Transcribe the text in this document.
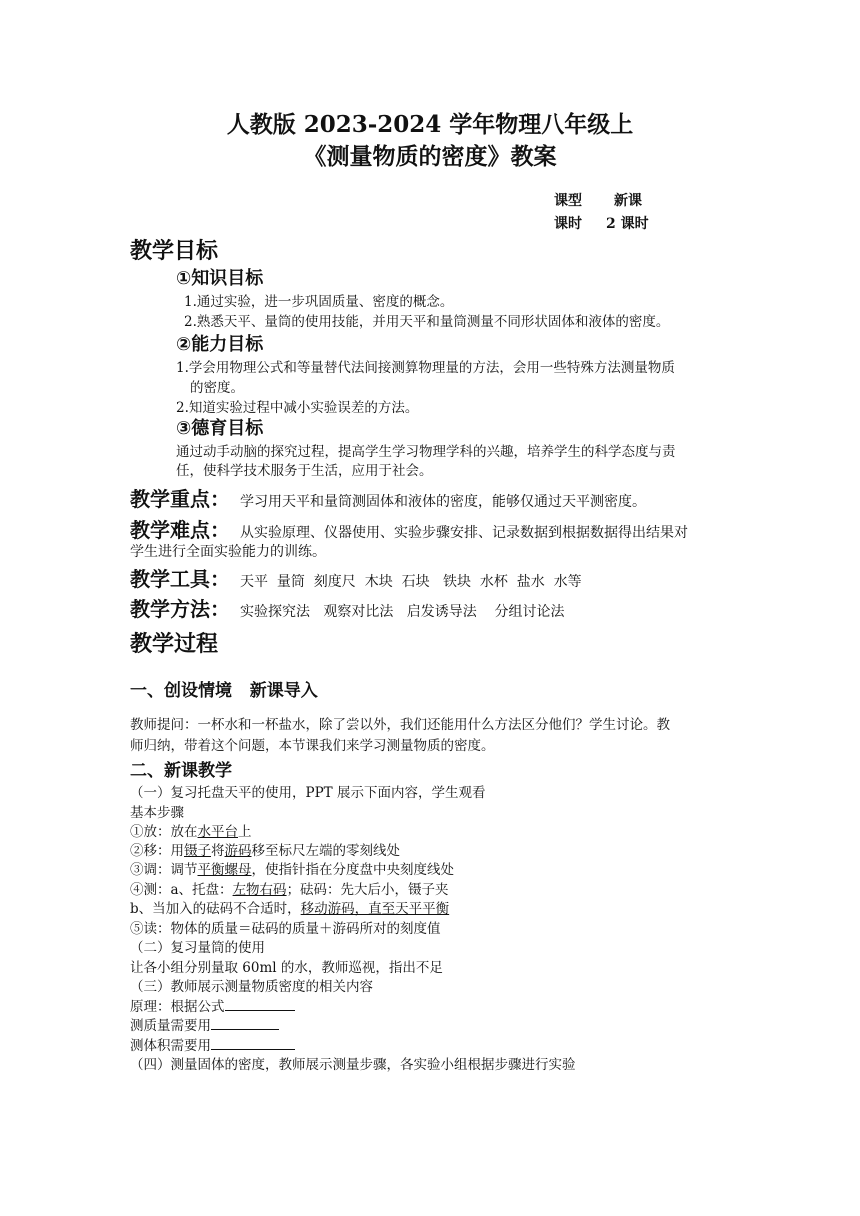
人教版 2023-2024 学年物理八年级上
《测量物质的密度》教案
课型 新课
课时 2 课时
教学目标
①知识目标
1.通过实验，进一步巩固质量、密度的概念。
2.熟悉天平、量筒的使用技能，并用天平和量筒测量不同形状固体和液体的密度。
②能力目标
1.学会用物理公式和等量替代法间接测算物理量的方法，会用一些特殊方法测量物质
的密度。
2.知道实验过程中减小实验误差的方法。
③德育目标
通过动手动脑的探究过程，提高学生学习物理学科的兴趣，培养学生的科学态度与责
任，使科学技术服务于生活，应用于社会。
教学重点： 学习用天平和量筒测固体和液体的密度，能够仅通过天平测密度。
教学难点： 从实验原理、仪器使用、实验步骤安排、记录数据到根据数据得出结果对
学生进行全面实验能力的训练。
教学工具： 天平  量筒  刻度尺  木块  石块   铁块  水杯  盐水  水等
教学方法： 实验探究法   观察对比法   启发诱导法    分组讨论法
教学过程
一、创设情境   新课导入
教师提问：一杯水和一杯盐水，除了尝以外，我们还能用什么方法区分他们？学生讨论。教
师归纳，带着这个问题，本节课我们来学习测量物质的密度。
二、新课教学
（一）复习托盘天平的使用，PPT 展示下面内容，学生观看
基本步骤
①放：放在水平台上
②移：用镊子将游码移至标尺左端的零刻线处
③调：调节平衡螺母，使指针指在分度盘中央刻度线处
④测：a、托盘：左物右码；砝码：先大后小，镊子夹
b、当加入的砝码不合适时，移动游码，直至天平平衡
⑤读：物体的质量＝砝码的质量＋游码所对的刻度值
（二）复习量筒的使用
让各小组分别量取 60ml 的水，教师巡视，指出不足
（三）教师展示测量物质密度的相关内容
原理：根据公式
测质量需要用
测体积需要用
（四）测量固体的密度，教师展示测量步骤，各实验小组根据步骤进行实验
